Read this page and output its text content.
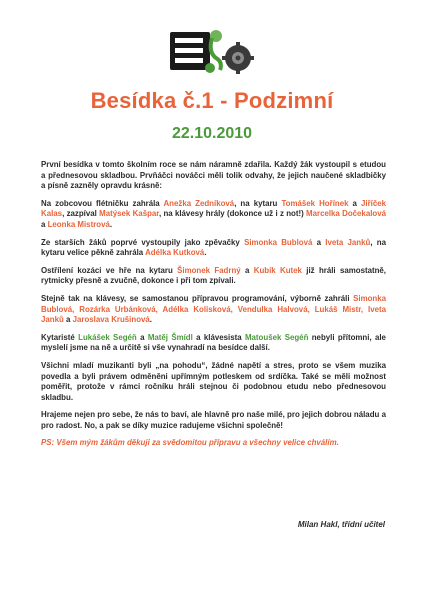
Besídka č.1 - Podzimní
22.10.2010

První besídka v tomto školním roce se nám náramně zdařila. Každý žák vystoupil s etudou a přednesovou skladbou. Prvňáčci nováčci měli tolik odvahy, že jejich naučené skladbičky a písně zazněly opravdu krásně:

Na zobcovou flétničku zahrála Anežka Zedníková, na kytaru Tomášek Hořínek a Jiříček Kalas, zazpíval Matýsek Kašpar, na klávesy hrály (dokonce už i z not!) Marcelka Dočekalová a Leonka Mistrová.

Ze starších žáků poprvé vystoupily jako zpěvačky Simonka Bublová a Iveta Janků, na kytaru velice pěkně zahrála Adélka Kutková.

Ostřílení kozáci ve hře na kytaru Šimonek Fadrný a Kubík Kutek již hráli samostatně, rytmicky přesně a zvučně, dokonce i při tom zpívali.

Stejně tak na klávesy, se samostanou přípravou programování, výborně zahráli Simonka Bublová, Rozárka Urbánková, Adélka Kolísková, Vendulka Halvová, Lukáš Mistr, Iveta Janků a Jaroslava Krušinová.

Kytaristé Lukášek Segéň a Matěj Šmídl a klávesista Matoušek Segéň nebyli přítomni, ale myslelí jsme na ně a určitě si vše vynahradí na besídce další.

Všichni mladí muzikanti byli „na pohodu“, žádné napětí a stres, proto se všem muzika povedla a byli právem odměněni upřímným potleskem od srdíčka. Také se měli možnost poměřit, protože v rámci ročníku hráli stejnou či podobnou etudu nebo přednesovou skladbu.

Hrajeme nejen pro sebe, že nás to baví, ale hlavně pro naše milé, pro jejich dobrou náladu a pro radost. No, a pak se díky muzice radujeme všichni společně!

PS: Všem mým žákům děkuji za svědomitou přípravu a všechny velice chválím.

Milan Hakl, třídní učitel
